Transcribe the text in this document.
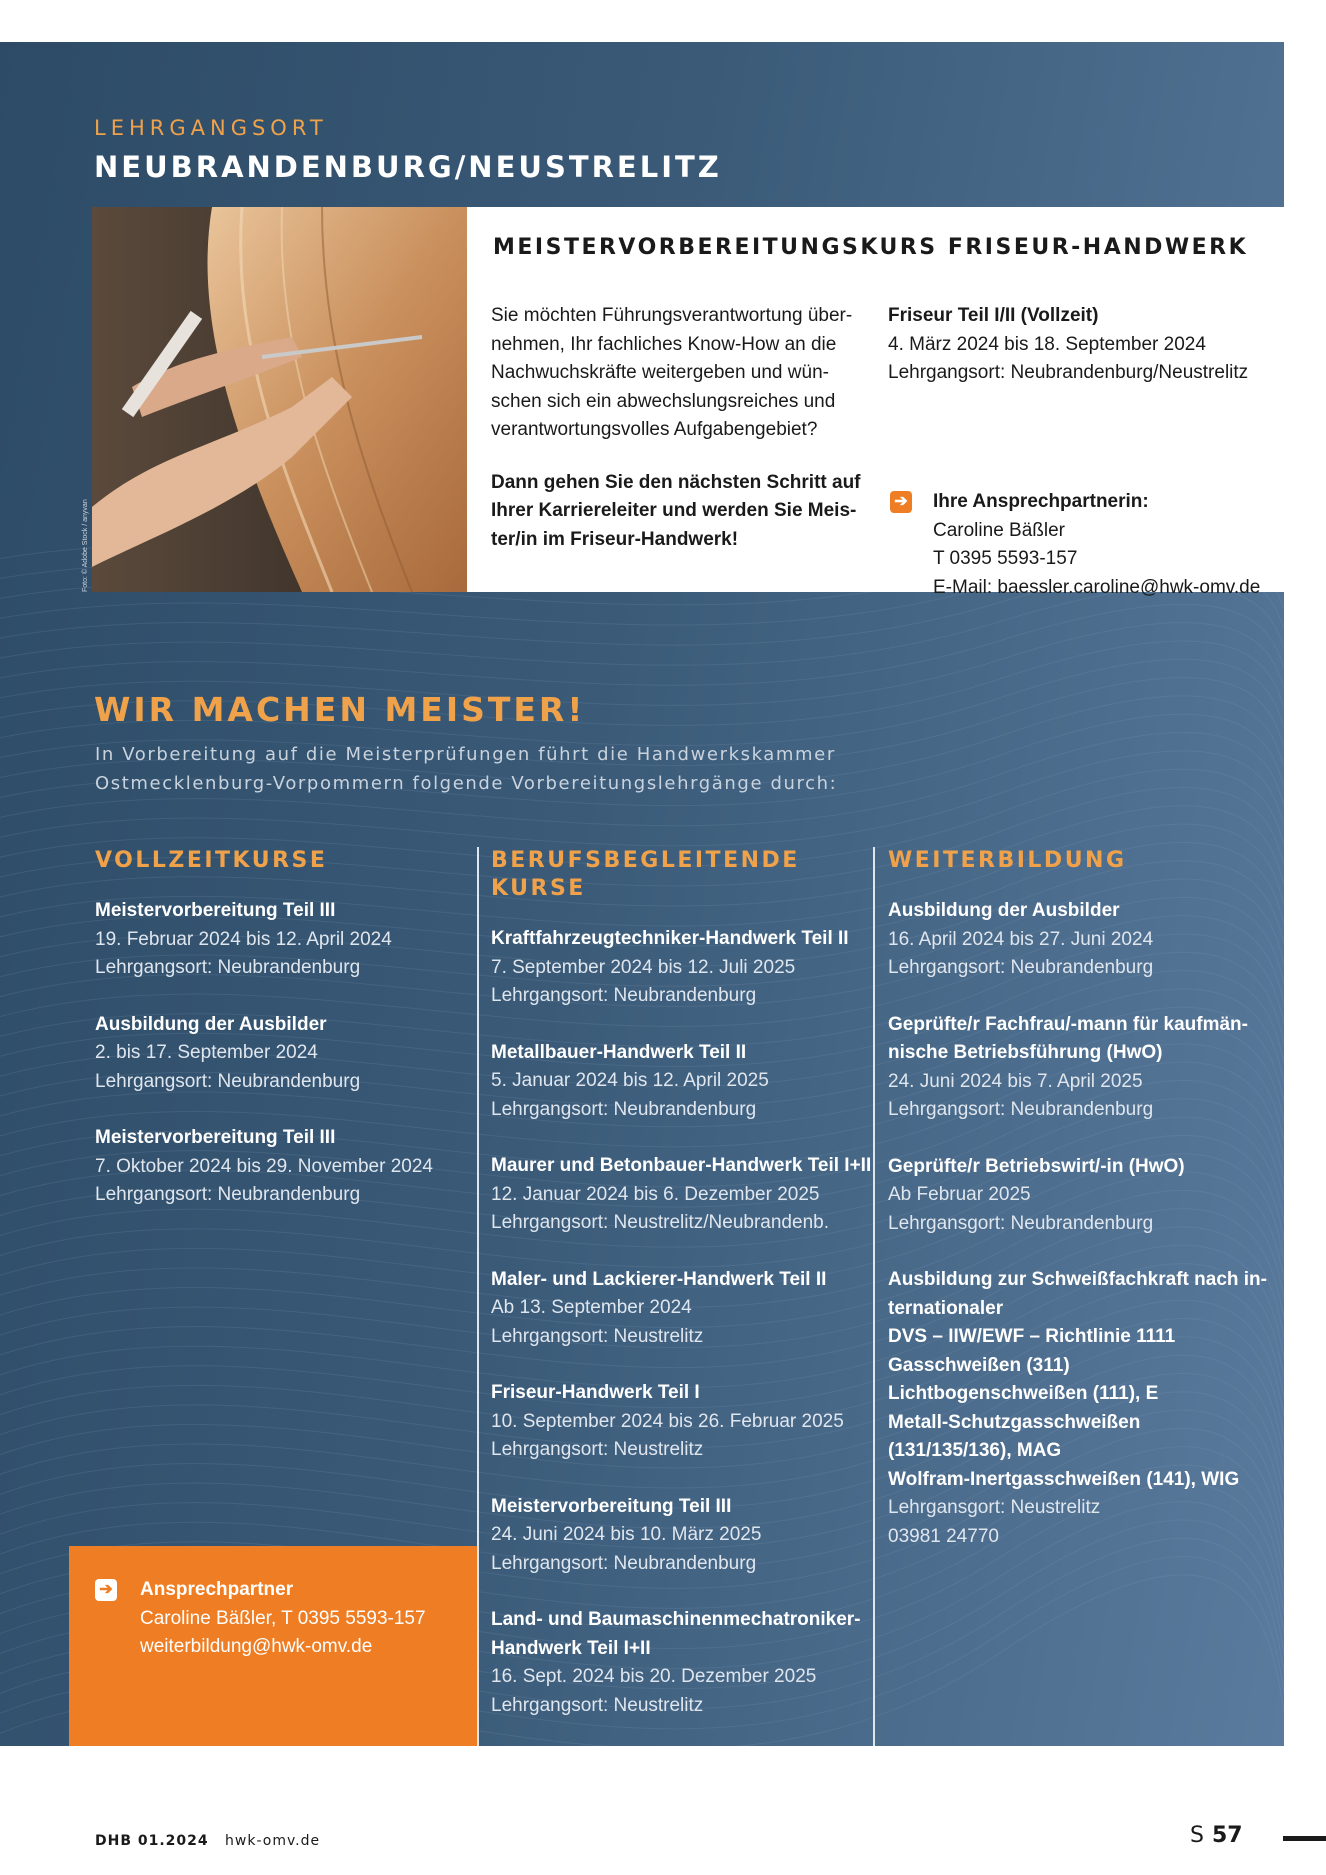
LEHRGANGSORT
NEUBRANDENBURG/NEUSTRELITZ
MEISTERVORBEREITUNGSKURS FRISEUR-HANDWERK

Sie möchten Führungsverantwortung über-
nehmen, Ihr fachliches Know-How an die
Nachwuchskräfte weitergeben und wün-
schen sich ein abwechslungsreiches und
verantwortungsvolles Aufgabengebiet?

Dann gehen Sie den nächsten Schritt auf
Ihrer Karriereleiter und werden Sie Meis-
ter/in im Friseur-Handwerk!

Friseur Teil I/II (Vollzeit)
4. März 2024 bis 18. September 2024
Lehrgangsort: Neubrandenburg/Neustrelitz
➔ Ihre Ansprechpartnerin:
Caroline Bäßler
T 0395 5593-157
E-Mail: baessler.caroline@hwk-omv.de
WIR MACHEN MEISTER!
In Vorbereitung auf die Meisterprüfungen führt die Handwerkskammer
Ostmecklenburg-Vorpommern folgende Vorbereitungslehrgänge durch:
➔ Ansprechpartner
Caroline Bäßler, T 0395 5593-157
weiterbildung@hwk-omv.de
VOLLZEITKURSE
Meistervorbereitung Teil III
19. Februar 2024 bis 12. April 2024
Lehrgangsort: Neubrandenburg
Ausbildung der Ausbilder
2. bis 17. September 2024
Lehrgangsort: Neubrandenburg
Meistervorbereitung Teil III
7. Oktober 2024 bis 29. November 2024
Lehrgangsort: Neubrandenburg
BERUFSBEGLEITENDE KURSE
Kraftfahrzeugtechniker-Handwerk Teil II
7. September 2024 bis 12. Juli 2025
Lehrgangsort: Neubrandenburg
Metallbauer-Handwerk Teil II
5. Januar 2024 bis 12. April 2025
Lehrgangsort: Neubrandenburg
Maurer und Betonbauer-Handwerk Teil I+II
12. Januar 2024 bis 6. Dezember 2025
Lehrgangsort: Neustrelitz/Neubrandenb.
Maler- und Lackierer-Handwerk Teil II
Ab 13. September 2024
Lehrgangsort: Neustrelitz
Friseur-Handwerk Teil I
10. September 2024 bis 26. Februar 2025
Lehrgangsort: Neustrelitz
Meistervorbereitung Teil III
24. Juni 2024 bis 10. März 2025
Lehrgangsort: Neubrandenburg
Land- und Baumaschinenmechatroniker-
Handwerk Teil I+II
16. Sept. 2024 bis 20. Dezember 2025
Lehrgangsort: Neustrelitz
WEITERBILDUNG
Ausbildung der Ausbilder
16. April 2024 bis 27. Juni 2024
Lehrgangsort: Neubrandenburg
Geprüfte/r Fachfrau/-mann für kaufmän-
nische Betriebsführung (HwO)
24. Juni 2024 bis 7. April 2025
Lehrgangsort: Neubrandenburg
Geprüfte/r Betriebswirt/-in (HwO)
Ab Februar 2025
Lehrgansgort: Neubrandenburg
Ausbildung zur Schweißfachkraft nach in-
ternationaler
DVS – IIW/EWF – Richtlinie 1111
Gasschweißen (311)
Lichtbogenschweißen (111), E
Metall-Schutzgasschweißen
(131/135/136), MAG
Wolfram-Inertgasschweißen (141), WIG
Lehrgansgort: Neustrelitz
03981 24770
DHB 01.2024 hwk-omv.de	S 57
